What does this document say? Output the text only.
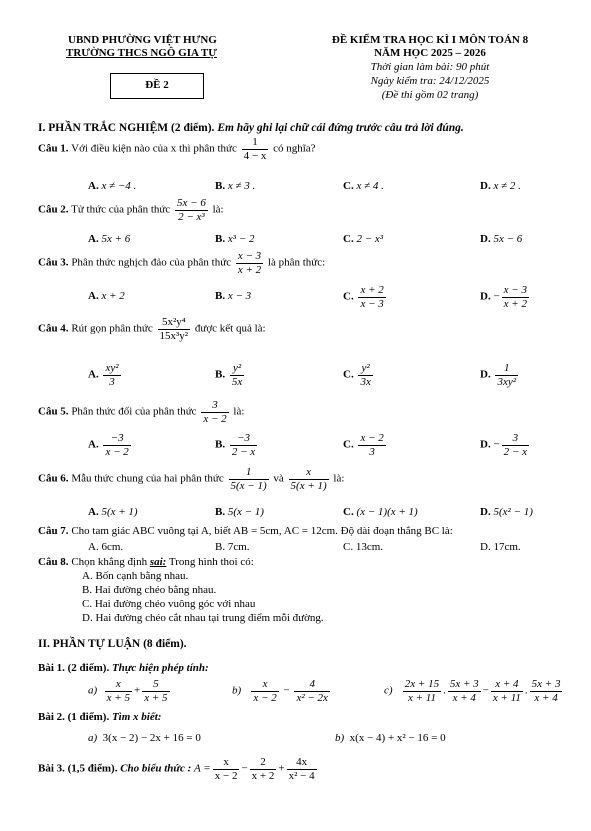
UBND PHƯỜNG VIỆT HƯNG
TRƯỜNG THCS NGÔ GIA TỰ
ĐỀ 2
ĐỀ KIỂM TRA HỌC KÌ I MÔN TOÁN 8
NĂM HỌC 2025 – 2026
Thời gian làm bài: 90 phút
Ngày kiểm tra: 24/12/2025
(Đề thi gồm 02 trang)
I. PHẦN TRẮC NGHIỆM (2 điểm). Em hãy ghi lại chữ cái đứng trước câu trả lời đúng.
Câu 1. Với điều kiện nào của x thì phân thức $\frac{1}{4 - x}$ có nghĩa?
A. x ≠ −4 .	B. x ≠ 3 .	C. x ≠ 4 .	D. x ≠ 2 .
Câu 2. Tử thức của phân thức $\frac{5x - 6}{\text{2 − x³}}$ là:
A. 5x + 6	B. x³ − 2	C. 2 − x³	D. 5x − 6
Câu 3. Phân thức nghịch đảo của phân thức $\frac{x - 3}{x + 2}$ là phân thức:
A. x + 2	B. x − 3	C. $\frac{x + 2}{x - 3}$	D. − $\frac{x - 3}{x + 2}$
Câu 4. Rút gọn phân thức $\frac{\text{5x²y⁴}}{\text{15x³y²}}$ được kết quả là:
A. $\frac{\text{xy²}}{3}$	B. $\frac{\text{y²}}{5x}$	C. $\frac{\text{y²}}{3x}$	D. $\frac{1}{\text{3xy²}}$
Câu 5. Phân thức đối của phân thức $\frac{3}{x - 2}$ là:
A. $\frac{-3}{x - 2}$	B. $\frac{-3}{2 - x}$	C. $\frac{x - 2}{3}$	D. − $\frac{3}{2 - x}$
Câu 6. Mẫu thức chung của hai phân thức $\frac{1}{5(x - 1)}$ và $\frac{x}{5(x + 1)}$ là:
A. 5(x + 1)	B. 5(x − 1)	C. (x − 1)(x + 1)	D. 5(x² − 1)
Câu 7. Cho tam giác ABC vuông tại A, biết AB = 5cm, AC = 12cm. Độ dài đoạn thẳng BC là:
A. 6cm.	B. 7cm.	C. 13cm.	D. 17cm.
Câu 8. Chọn khẳng định sai: Trong hình thoi có:
A. Bốn cạnh bằng nhau.
B. Hai đường chéo bằng nhau.
C. Hai đường chéo vuông góc với nhau
D. Hai đường chéo cắt nhau tại trung điểm mỗi đường.
II. PHẦN TỰ LUẬN (8 điểm).
Bài 1. (2 điểm). Thực hiện phép tính:
$a) \frac{x}{x + 5} + \frac{5}{x + 5}$	$b) \frac{x}{x - 2} - \frac{4}{\text{x² − 2x}}$	$c) \frac{2x + 15}{x + 11}$ . $\frac{5x + 3}{x + 4} - \frac{x + 4}{x + 11}$ . $\frac{5x + 3}{x + 4}$
Bài 2. (1 điểm). Tìm x biết:
a) 3(x − 2) − 2x + 16 = 0	b) x(x − 4) + x² − 16 = 0
Bài 3. (1,5 điểm). Cho biểu thức : $A = \frac{x}{x - 2} - \frac{2}{x + 2} + \frac{4x}{\text{x² − 4}}$
